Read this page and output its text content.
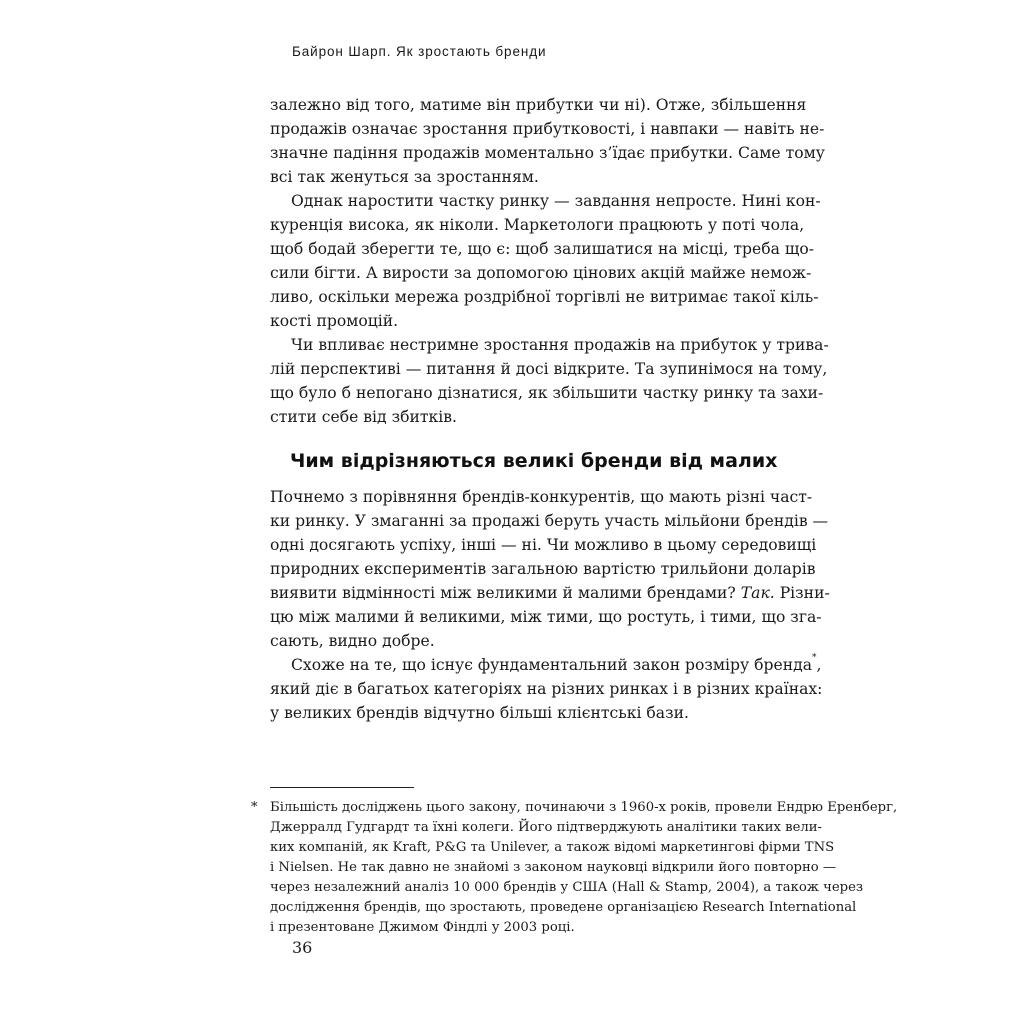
Байрон Шарп. Як зростають бренди
залежно від того, матиме він прибутки чи ні). Отже, збільшення
продажів означає зростання прибутковості, і навпаки — навіть не-
значне падіння продажів моментально з’їдає прибутки. Саме тому
всі так женуться за зростанням.
Однак наростити частку ринку — завдання непросте. Нині кон-
куренція висока, як ніколи. Маркетологи працюють у поті чола,
щоб бодай зберегти те, що є: щоб залишатися на місці, треба що-
сили бігти. А вирости за допомогою цінових акцій майже немож-
ливо, оскільки мережа роздрібної торгівлі не витримає такої кіль-
кості промоцій.
Чи впливає нестримне зростання продажів на прибуток у трива-
лій перспективі — питання й досі відкрите. Та зупинімося на тому,
що було б непогано дізнатися, як збільшити частку ринку та захи-
стити себе від збитків.
Чим відрізняються великі бренди від малих
Почнемо з порівняння брендів-конкурентів, що мають різні част-
ки ринку. У змаганні за продажі беруть участь мільйони брендів —
одні досягають успіху, інші — ні. Чи можливо в цьому середовищі
природних експериментів загальною вартістю трильйони доларів
виявити відмінності між великими й малими брендами? Так. Різни-
цю між малими й великими, між тими, що ростуть, і тими, що зга-
сають, видно добре.
Схоже на те, що існує фундаментальний закон розміру бренда*,
який діє в багатьох категоріях на різних ринках і в різних країнах:
у великих брендів відчутно більші клієнтські бази.
* Більшість досліджень цього закону, починаючи з 1960-х років, провели Ендрю Еренберг,
Джерралд Гудгардт та їхні колеги. Його підтверджують аналітики таких вели-
ких компаній, як Kraft, P&G та Unilever, а також відомі маркетингові фірми TNS
і Nielsen. Не так давно не знайомі з законом науковці відкрили його повторно —
через незалежний аналіз 10 000 брендів у США (Hall & Stamp, 2004), а також через
дослідження брендів, що зростають, проведене організацією Research International
і презентоване Джимом Фіндлі у 2003 році.
36
